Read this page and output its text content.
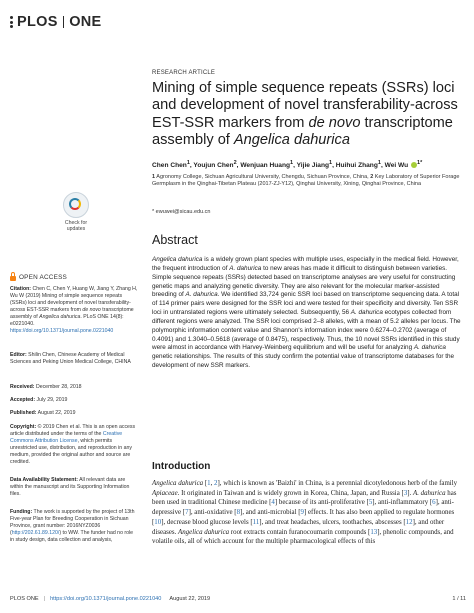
PLOS ONE
RESEARCH ARTICLE
Mining of simple sequence repeats (SSRs) loci and development of novel transferability-across EST-SSR markers from de novo transcriptome assembly of Angelica dahurica
Chen Chen$^1$, Youjun Chen$^2$, Wenjuan Huang$^1$, Yijie Jiang$^1$, Huihui Zhang$^1$, Wei Wu $^{1*}$
1 Agronomy College, Sichuan Agricultural University, Chengdu, Sichuan Province, China, 2 Key Laboratory of Superior Forage Germplasm in the Qinghai-Tibetan Plateau (2017-ZJ-Y12), Qinghai University, Xining, Qinghai Province, China
* ewuwei@sicau.edu.cn
Check for
updates
OPEN ACCESS
Citation: Chen C, Chen Y, Huang W, Jiang Y, Zhang H, Wu W (2019) Mining of simple sequence repeats (SSRs) loci and development of novel transferability-across EST-SSR markers from de novo transcriptome assembly of Angelica dahurica. PLoS ONE 14(8): e0221040. https://doi.org/10.1371/journal.pone.0221040
Editor: Shilin Chen, Chinese Academy of Medical Sciences and Peking Union Medical College, CHINA
Received: December 28, 2018
Accepted: July 29, 2019
Published: August 22, 2019
Copyright: © 2019 Chen et al. This is an open access article distributed under the terms of the Creative Commons Attribution License, which permits unrestricted use, distribution, and reproduction in any medium, provided the original author and source are credited.
Data Availability Statement: All relevant data are within the manuscript and its Supporting Information files.
Funding: The work is supported by the project of 13th Five-year Plan for Breeding Cooperation in Sichuan Province, grant number: 2016NYZ0036 (http://202.61.89.120/) to WW. The funder had no role in study design, data collection and analysis,
Abstract
Angelica dahurica is a widely grown plant species with multiple uses, especially in the medical field. However, the frequent introduction of A. dahurica to new areas has made it difficult to distinguish between varieties. Simple sequence repeats (SSRs) detected based on transcriptome analyses are very useful for constructing genetic maps and analyzing genetic diversity. They are also relevant for the molecular marker-assisted breeding of A. dahurica. We identified 33,724 genic SSR loci based on transcriptome sequencing data. A total of 114 primer pairs were designed for the SSR loci and were tested for their specificity and diversity. Ten SSR loci in untranslated regions were ultimately selected. Subsequently, 56 A. dahurica ecotypes collected from different regions were analyzed. The SSR loci comprised 2–8 alleles, with a mean of 5.2 alleles per locus. The polymorphic information content value and Shannon's information index were 0.6274–0.2702 (average of 0.4091) and 1.3040–0.5618 (average of 0.8475), respectively. Thus, the 10 novel SSRs identified in this study were almost in accordance with Harvey-Weinberg equilibrium and will be useful for analyzing A. dahurica genetic relationships. The results of this study confirm the potential value of transcriptome databases for the development of new SSR markers.
Introduction
Angelica dahurica [1, 2], which is known as 'Baizhi' in China, is a perennial dicotyledonous herb of the family Apiaceae. It originated in Taiwan and is widely grown in Korea, China, Japan, and Russia [3]. A. dahurica has been used in traditional Chinese medicine [4] because of its anti-proliferative [5], anti-inflammatory [6], anti-depressive [7], anti-oxidative [8], and anti-microbial [9] effects. It has also been applied to regulate hormones [10], decrease blood glucose levels [11], and treat headaches, ulcers, toothaches, abscesses [12], and other diseases. Angelica dahurica root extracts contain furanocoumarin compounds [13], phenolic compounds, and volatile oils, all of which account for the multiple pharmacological effects of this
PLOS ONE | https://doi.org/10.1371/journal.pone.0221040 August 22, 2019	1 / 11
